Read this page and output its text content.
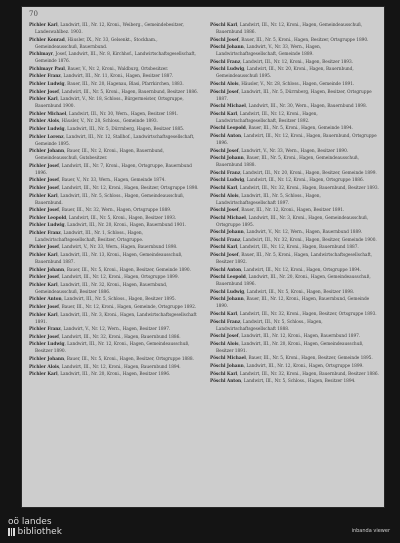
70

Pichler Karl, Landwirt, III., Nr. 12, Kroni., Weiberg., Gemeindebesitzer, Landeswahlbez. 1903.

Pichler Konrad, Häusler, IX., Nr. 33, Gelsenkt., Stockham., Gemeindeausschuß, Bauernbund.

Pichlmayr, Josef, Landwirt, III., Nr. 8, Kirchhof., Landwirtschaftsgesellschaft, Gemeinde 1876.

Pichlmayr Paul, Bauer, V., Nr. 2, Kroni., Waldburg, Ortsbesitzer.

Pichler Franz, Landwirt, III., Nr. 11, Kroni., Hagen, Besitzer 1887.

Pichler Ludwig, Bauer, III., Nr. 20, Hagenau, Blasi, Pfarrkirchen, 1883.

Pichler Josef, Landwirt, III., Nr. 5, Kroni., Hagen, Bauernbund, Besitzer 1886.

Pichler Karl, Landwirt, V., Nr. 18, Schloss., Bürgermeister, Ortsgruppe, Bauernbund 1900.

Pichler Michael, Landwirt, III., Nr. 30, Wern., Hagen, Besitzer 1891.

Pichler Alois, Häusler, V., Nr. 28, Schloss., Gemeinde 1893.

Pichler Ludwig, Landwirt, III., Nr. 5, Dürrnberg, Hagen, Besitzer 1885.

Pichler Lorenz, Landwirt, III., Nr. 12, Stallhof., Landwirtschaftsgesellschaft, Gemeinde 1895.

Pichler Johann, Bauer, III., Nr. 2, Kroni., Hagen, Bauernbund, Gemeindeausschuß, Gutsbesitzer.

Pichler Josef, Landwirt, III., Nr. 7, Kroni., Hagen, Ortsgruppe, Bauernbund 1896.

Pichler Josef, Bauer, V., Nr. 33, Wern., Hagen, Gemeinde 1874.

Pichler Josef, Landwirt, III., Nr. 12, Kroni., Hagen, Besitzer, Ortsgruppe 1898.

Pichler Karl, Landwirt, III., Nr. 5, Schloss., Hagen, Gemeindeausschuß, Bauernbund.

Pichler Josef, Bauer, III., Nr. 32, Wern., Hagen, Ortsgruppe 1889.

Pichler Leopold, Landwirt, III., Nr. 5, Kroni., Hagen, Besitzer 1893.

Pichler Ludwig, Landwirt, III., Nr. 20, Kroni., Hagen, Bauernbund 1901.

Pichler Franz, Landwirt, III., Nr. 1, Schloss., Hagen, Landwirtschaftsgesellschaft, Besitzer, Ortsgruppe.

Pichler Josef, Landwirt, V., Nr. 33, Wern., Hagen, Bauernbund 1898.

Pichler Karl, Landwirt, III., Nr. 13, Kroni., Hagen, Gemeindeausschuß, Bauernbund 1887.

Pichler Johann, Bauer, III., Nr. 5, Kroni., Hagen, Besitzer, Gemeinde 1890.

Pichler Josef, Landwirt, III., Nr. 12, Kroni., Hagen, Ortsgruppe 1899.

Pichler Karl, Landwirt, III., Nr. 32, Kroni., Hagen, Bauernbund, Gemeindeausschuß, Besitzer 1886.

Pichler Anton, Landwirt, III., Nr. 5, Schloss., Hagen, Besitzer 1895.

Pichler Josef, Bauer, III., Nr. 12, Kroni., Hagen, Gemeinde, Ortsgruppe 1892.

Pichler Karl, Landwirt, III., Nr. 3, Kroni., Hagen, Landwirtschaftsgesellschaft 1891.

Pichler Franz, Landwirt, V., Nr. 12, Wern., Hagen, Besitzer 1897.

Pichler Josef, Landwirt, III., Nr. 32, Kroni., Hagen, Bauernbund 1886.

Pichler Ludwig, Landwirt, III., Nr. 12, Kroni., Hagen, Gemeindeausschuß, Besitzer 1890.

Pichler Johann, Bauer, III., Nr. 5, Kroni., Hagen, Besitzer, Ortsgruppe 1888.

Pichler Alois, Landwirt, III., Nr. 12, Kroni., Hagen, Bauernbund 1894.

Pichler Karl, Landwirt, III., Nr. 20, Kroni., Hagen, Besitzer 1896.

Pöschl Karl, Landwirt, III., Nr. 12, Kroni., Hagen, Gemeindeausschuß, Bauernbund 1886.

Pöschl Josef, Bauer, III., Nr. 5, Kroni., Hagen, Besitzer, Ortsgruppe 1890.

Pöschl Johann, Landwirt, V., Nr. 33, Wern., Hagen, Landwirtschaftsgesellschaft, Gemeinde 1889.

Pöschl Franz, Landwirt, III., Nr. 12, Kroni., Hagen, Besitzer 1893.

Pöschl Ludwig, Landwirt, III., Nr. 20, Kroni., Hagen, Bauernbund, Gemeindeausschuß 1895.

Pöschl Alois, Häusler, V., Nr. 28, Schloss., Hagen, Gemeinde 1891.

Pöschl Josef, Landwirt, III., Nr. 5, Dürrnberg, Hagen, Besitzer, Ortsgruppe 1887.

Pöschl Michael, Landwirt, III., Nr. 30, Wern., Hagen, Bauernbund 1898.

Pöschl Karl, Landwirt, III., Nr. 12, Kroni., Hagen, Landwirtschaftsgesellschaft, Besitzer 1892.

Pöschl Leopold, Bauer, III., Nr. 5, Kroni., Hagen, Gemeinde 1894.

Pöschl Anton, Landwirt, III., Nr. 12, Kroni., Hagen, Bauernbund, Ortsgruppe 1896.

Pöschl Josef, Landwirt, V., Nr. 33, Wern., Hagen, Besitzer 1890.

Pöschl Johann, Bauer, III., Nr. 5, Kroni., Hagen, Gemeindeausschuß, Bauernbund 1888.

Pöschl Franz, Landwirt, III., Nr. 20, Kroni., Hagen, Besitzer, Gemeinde 1899.

Pöschl Ludwig, Landwirt, III., Nr. 12, Kroni., Hagen, Ortsgruppe 1886.

Pöschl Karl, Landwirt, III., Nr. 32, Kroni., Hagen, Bauernbund, Besitzer 1893.

Pöschl Alois, Landwirt, III., Nr. 5, Schloss., Hagen, Landwirtschaftsgesellschaft 1897.

Pöschl Josef, Bauer, III., Nr. 12, Kroni., Hagen, Besitzer 1891.

Pöschl Michael, Landwirt, III., Nr. 3, Kroni., Hagen, Gemeindeausschuß, Ortsgruppe 1895.

Pöschl Johann, Landwirt, V., Nr. 12, Wern., Hagen, Bauernbund 1889.

Pöschl Franz, Landwirt, III., Nr. 32, Kroni., Hagen, Besitzer, Gemeinde 1900.

Pöschl Karl, Landwirt, III., Nr. 12, Kroni., Hagen, Bauernbund 1887.

Pöschl Josef, Bauer, III., Nr. 5, Kroni., Hagen, Landwirtschaftsgesellschaft, Besitzer 1892.

Pöschl Anton, Landwirt, III., Nr. 12, Kroni., Hagen, Ortsgruppe 1894.

Pöschl Leopold, Landwirt, III., Nr. 20, Kroni., Hagen, Gemeindeausschuß, Bauernbund 1896.

Pöschl Ludwig, Landwirt, III., Nr. 5, Kroni., Hagen, Besitzer 1898.

Pöschl Johann, Bauer, III., Nr. 12, Kroni., Hagen, Bauernbund, Gemeinde 1890.

Pöschl Karl, Landwirt, III., Nr. 32, Kroni., Hagen, Besitzer, Ortsgruppe 1893.

Pöschl Franz, Landwirt, III., Nr. 5, Schloss., Hagen, Landwirtschaftsgesellschaft 1888.

Pöschl Josef, Landwirt, III., Nr. 12, Kroni., Hagen, Bauernbund 1897.

Pöschl Alois, Landwirt, III., Nr. 20, Kroni., Hagen, Gemeindeausschuß, Besitzer 1891.

Pöschl Michael, Bauer, III., Nr. 5, Kroni., Hagen, Besitzer, Gemeinde 1895.

Pöschl Johann, Landwirt, III., Nr. 12, Kroni., Hagen, Ortsgruppe 1899.

Pöschl Karl, Landwirt, III., Nr. 32, Kroni., Hagen, Bauernbund, Besitzer 1886.

Pöschl Anton, Landwirt, III., Nr. 5, Schloss., Hagen, Besitzer 1894.

oö landes
bibliothek	inbanda viewer
